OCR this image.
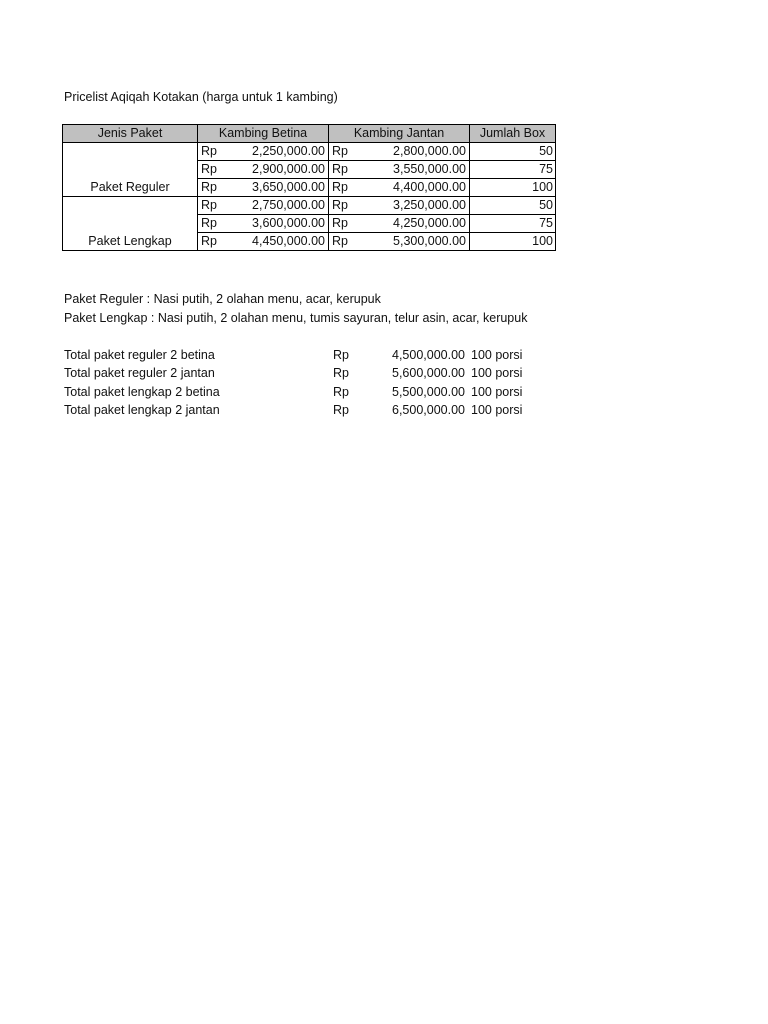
Pricelist Aqiqah Kotakan (harga untuk 1 kambing)
Jenis Paket	Kambing Betina		Kambing Jantan		Jumlah Box
Paket Reguler	Rp	2,250,000.00	Rp	2,800,000.00	50
	Rp	2,900,000.00	Rp	3,550,000.00	75
	Rp	3,650,000.00	Rp	4,400,000.00	100
Paket Lengkap	Rp	2,750,000.00	Rp	3,250,000.00	50
	Rp	3,600,000.00	Rp	4,250,000.00	75
	Rp	4,450,000.00	Rp	5,300,000.00	100
Paket Reguler : Nasi putih, 2 olahan menu, acar, kerupuk
Paket Lengkap : Nasi putih, 2 olahan menu, tumis sayuran, telur asin, acar, kerupuk
Total paket reguler 2 betina	Rp	4,500,000.00 100 porsi
Total paket reguler 2 jantan	Rp	5,600,000.00 100 porsi
Total paket lengkap 2 betina	Rp	5,500,000.00 100 porsi
Total paket lengkap 2 jantan	Rp	6,500,000.00 100 porsi
